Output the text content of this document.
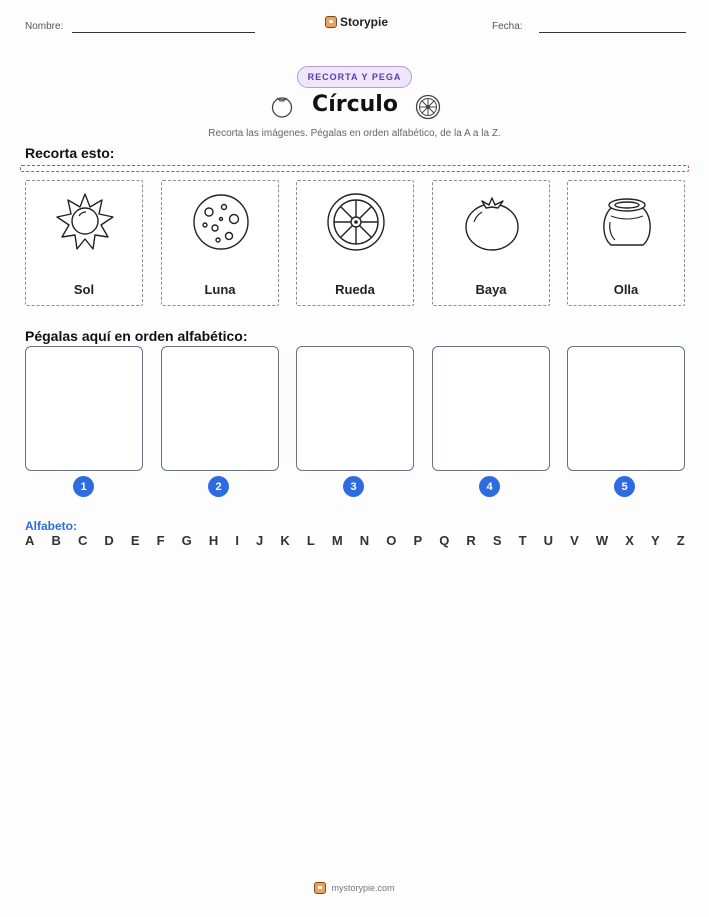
Nombre:	Storypie	Fecha:
RECORTA Y PEGA
Círculo
Recorta las imágenes. Pégalas en orden alfabético, de la A a la Z.
Recorta esto:
Sol	Luna	Rueda	Baya	Olla
Pégalas aquí en orden alfabético:
1	2	3	4	5
Alfabeto:
A B C D E F G H I J K L M N O P Q R S T U V W X Y Z
mystorypie.com
